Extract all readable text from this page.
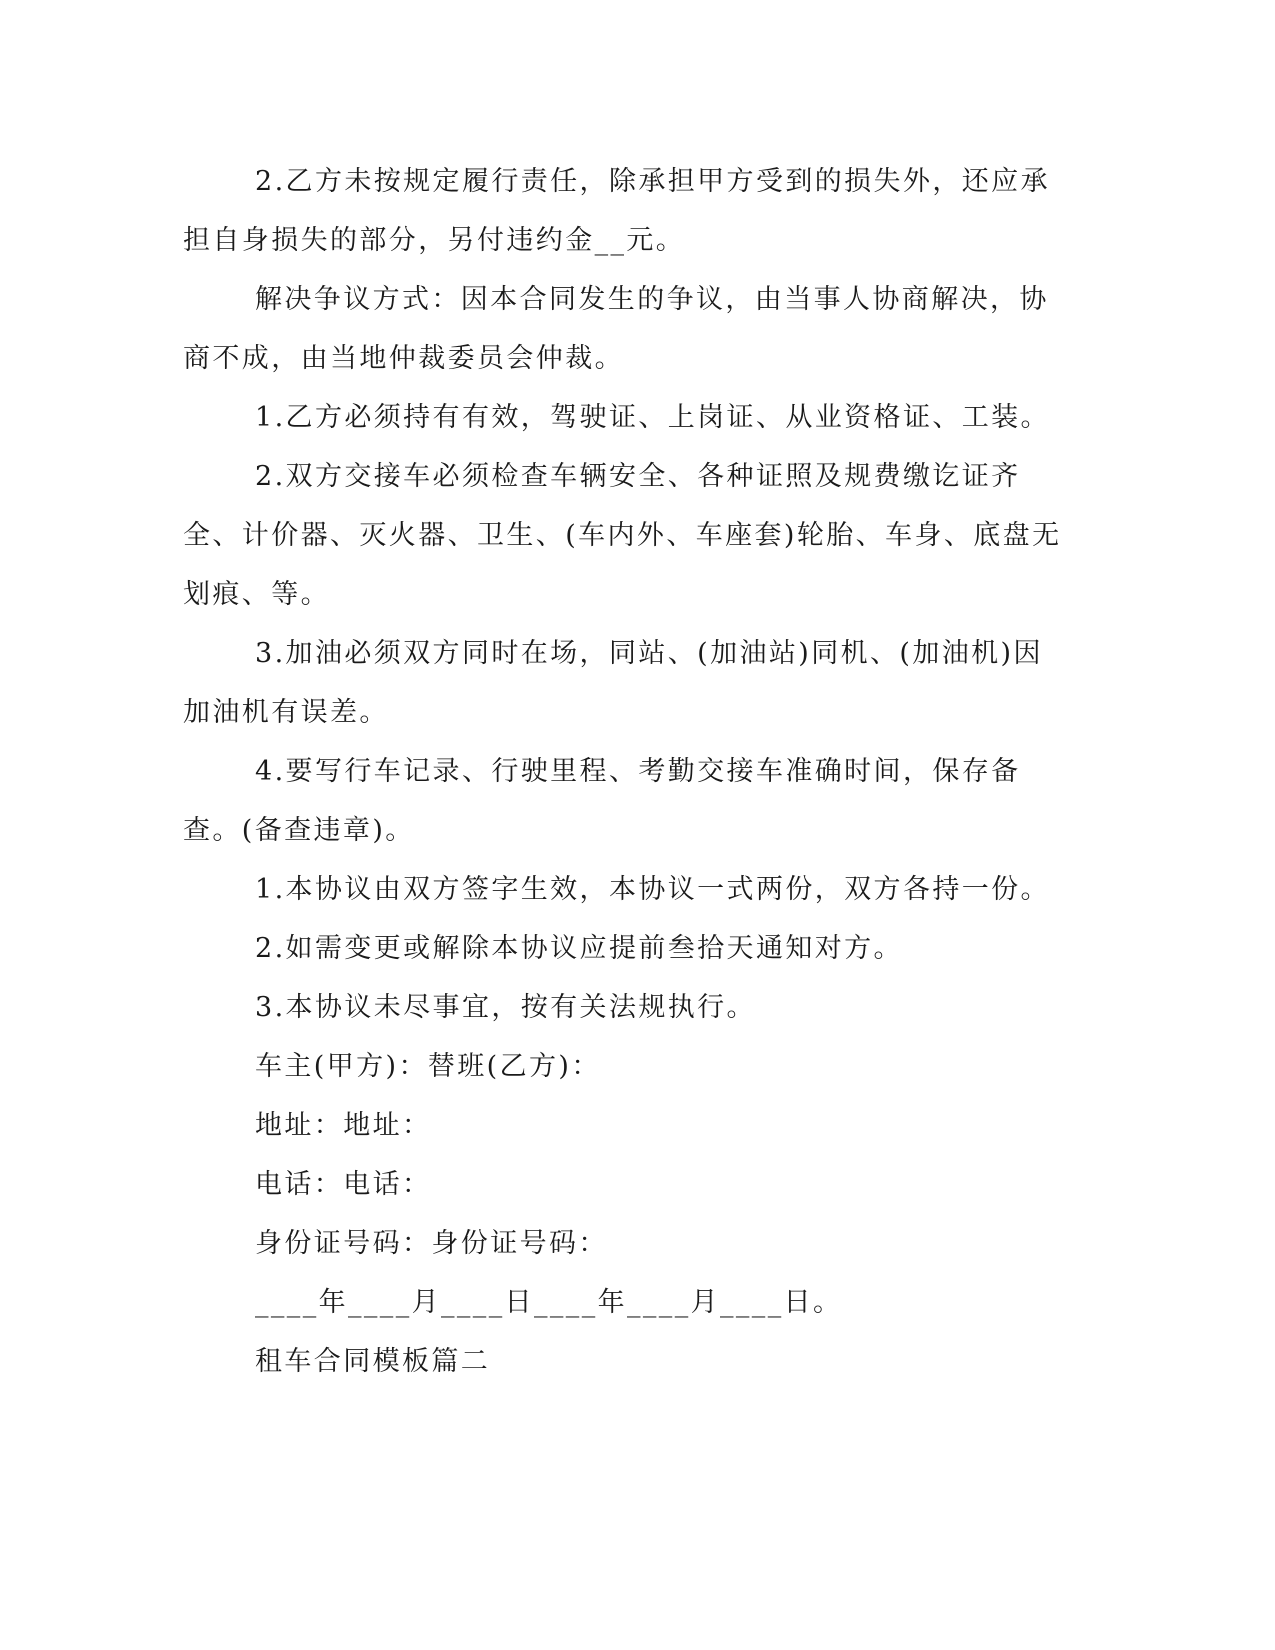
2.乙方未按规定履行责任，除承担甲方受到的损失外，还应承担自身损失的部分，另付违约金__元。

解决争议方式：因本合同发生的争议，由当事人协商解决，协商不成，由当地仲裁委员会仲裁。

1.乙方必须持有有效，驾驶证、上岗证、从业资格证、工装。

2.双方交接车必须检查车辆安全、各种证照及规费缴讫证齐全、计价器、灭火器、卫生、(车内外、车座套)轮胎、车身、底盘无划痕、等。

3.加油必须双方同时在场，同站、(加油站)同机、(加油机)因加油机有误差。

4.要写行车记录、行驶里程、考勤交接车准确时间，保存备查。(备查违章)。

1.本协议由双方签字生效，本协议一式两份，双方各持一份。

2.如需变更或解除本协议应提前叁拾天通知对方。

3.本协议未尽事宜，按有关法规执行。

车主(甲方)：替班(乙方)：

地址：地址：

电话：电话：

身份证号码：身份证号码：

____年____月____日____年____月____日。

租车合同模板篇二
